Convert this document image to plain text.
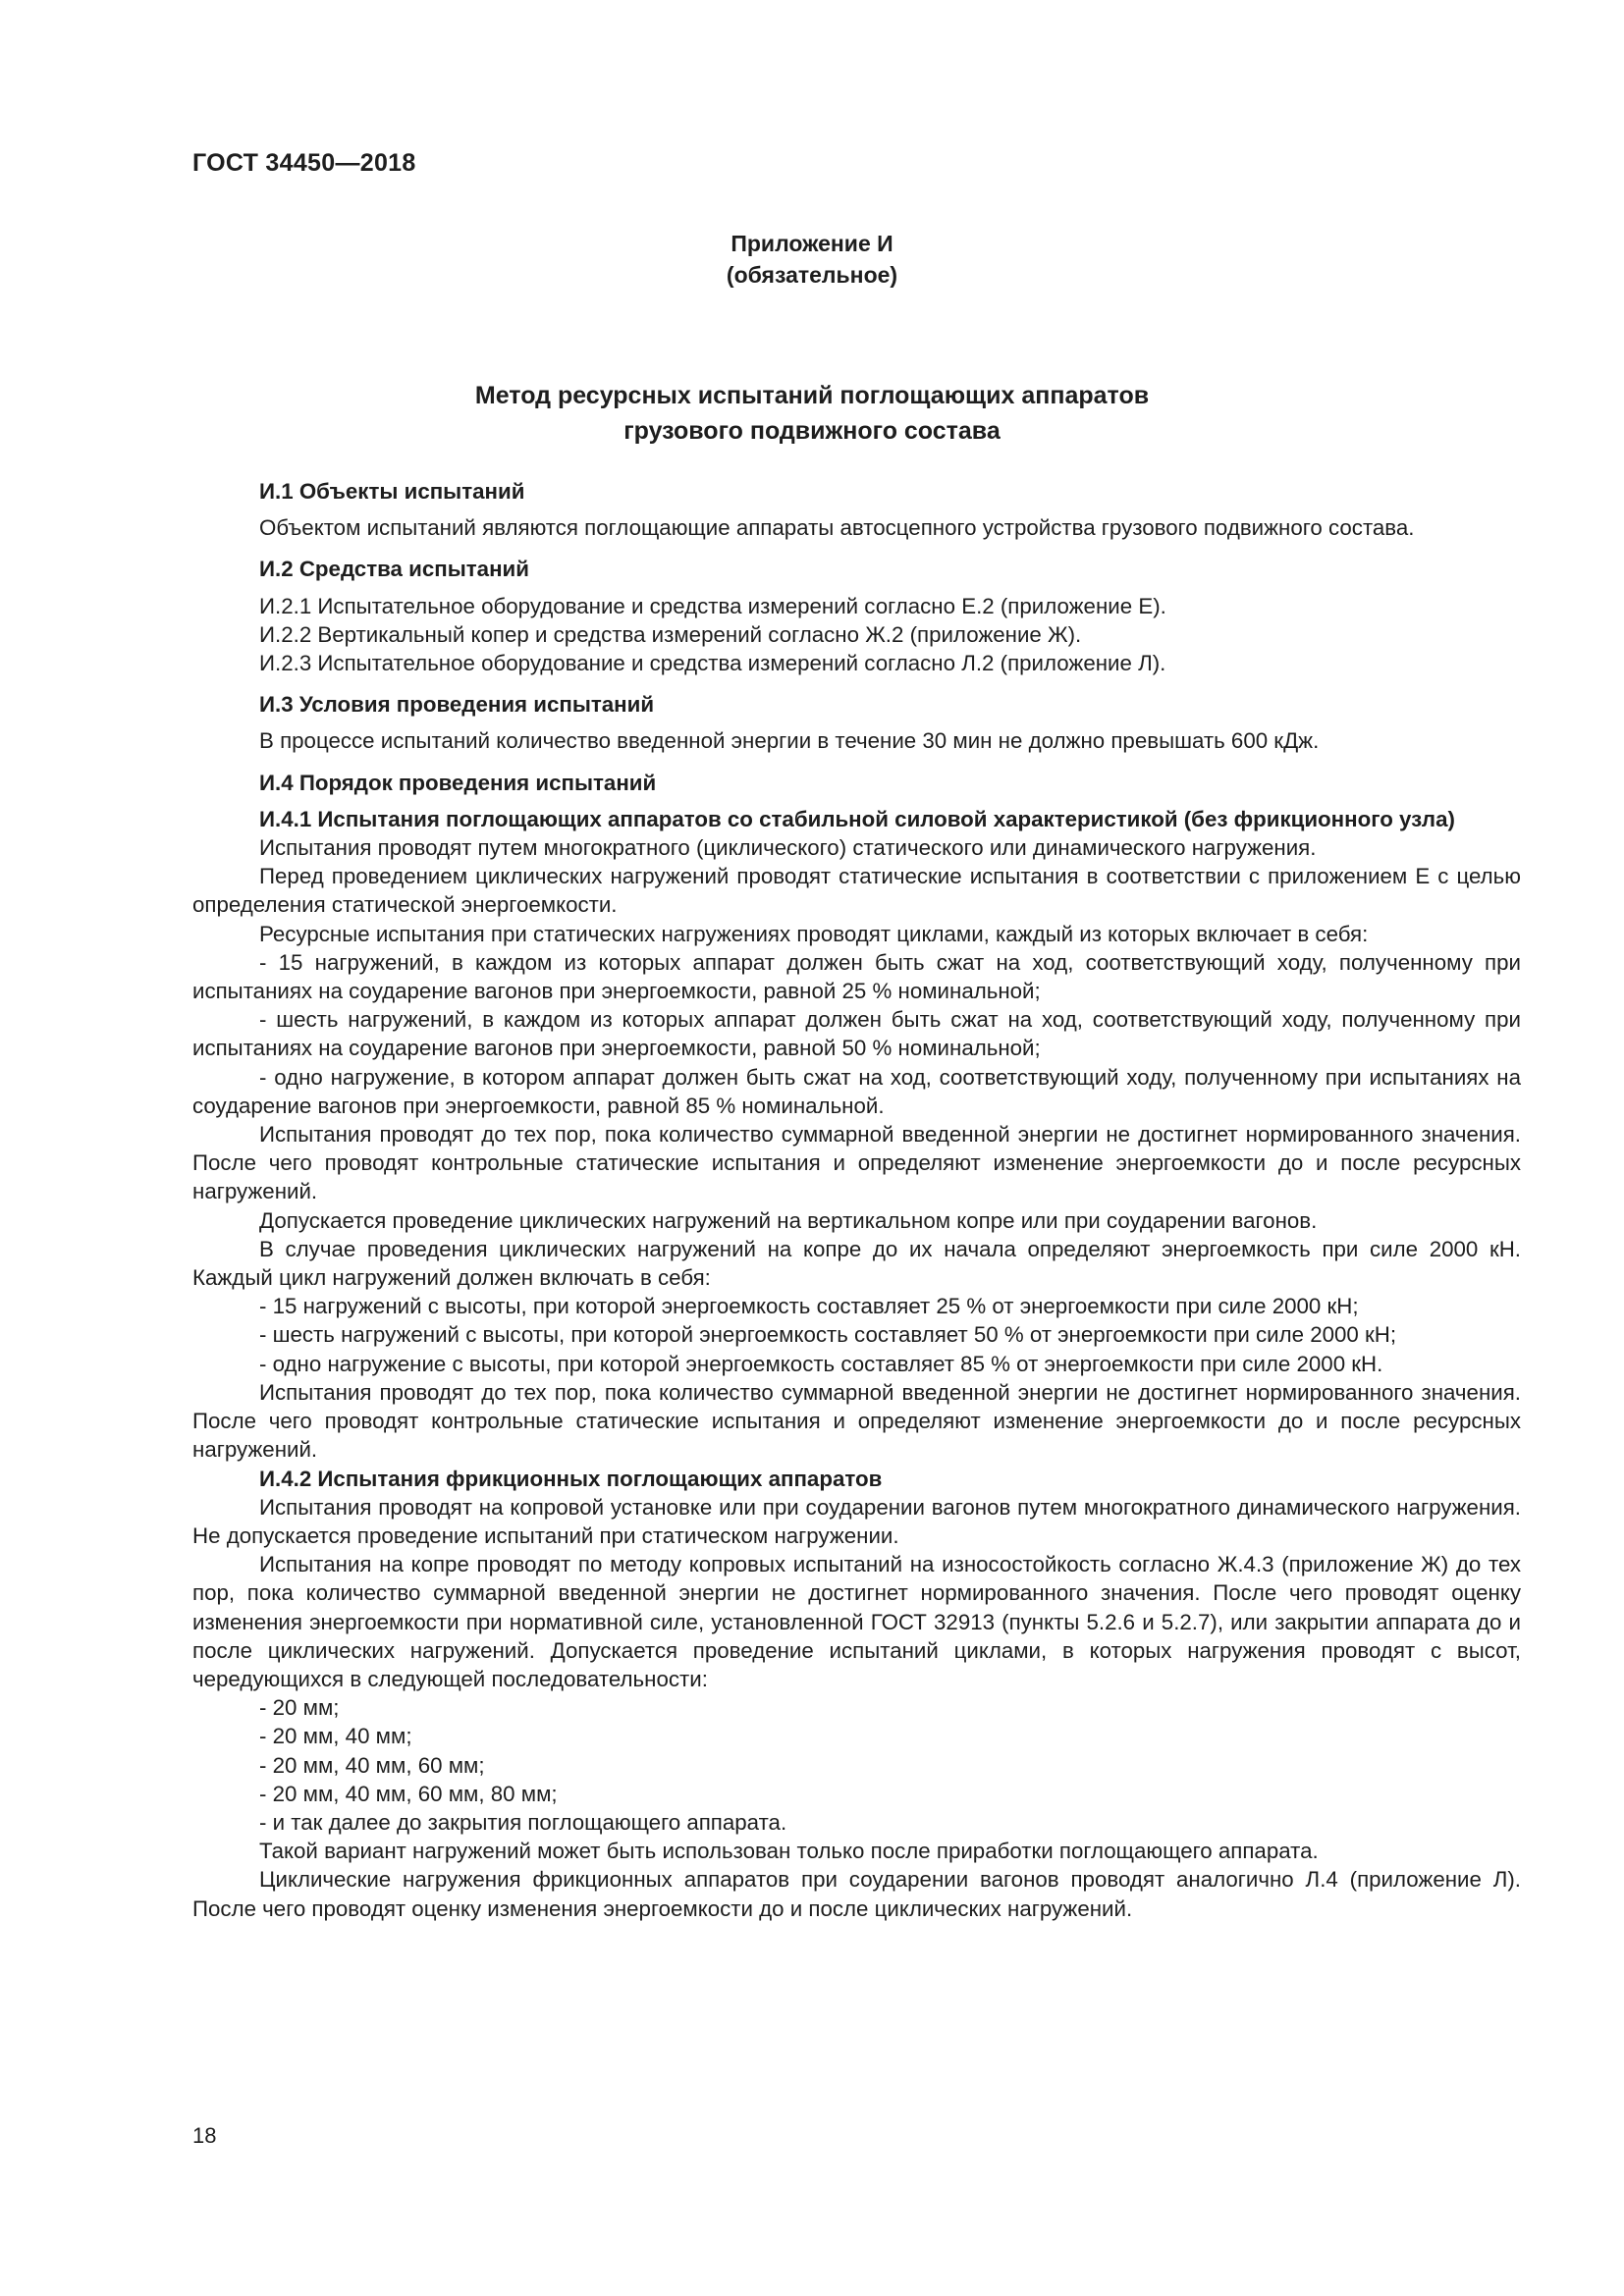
ГОСТ 34450—2018
Приложение И
(обязательное)
Метод ресурсных испытаний поглощающих аппаратов
грузового подвижного состава

И.1 Объекты испытаний

Объектом испытаний являются поглощающие аппараты автосцепного устройства грузового подвижного состава.

И.2 Средства испытаний

И.2.1 Испытательное оборудование и средства измерений согласно Е.2 (приложение Е).

И.2.2 Вертикальный копер и средства измерений согласно Ж.2 (приложение Ж).

И.2.3 Испытательное оборудование и средства измерений согласно Л.2 (приложение Л).

И.3 Условия проведения испытаний

В процессе испытаний количество введенной энергии в течение 30 мин не должно превышать 600 кДж.

И.4 Порядок проведения испытаний

И.4.1 Испытания поглощающих аппаратов со стабильной силовой характеристикой (без фрикционного узла)

Испытания проводят путем многократного (циклического) статического или динамического нагружения.

Перед проведением циклических нагружений проводят статические испытания в соответствии с приложением Е с целью определения статической энергоемкости.

Ресурсные испытания при статических нагружениях проводят циклами, каждый из которых включает в себя:

- 15 нагружений, в каждом из которых аппарат должен быть сжат на ход, соответствующий ходу, полученному при испытаниях на соударение вагонов при энергоемкости, равной 25 % номинальной;

- шесть нагружений, в каждом из которых аппарат должен быть сжат на ход, соответствующий ходу, полученному при испытаниях на соударение вагонов при энергоемкости, равной 50 % номинальной;

- одно нагружение, в котором аппарат должен быть сжат на ход, соответствующий ходу, полученному при испытаниях на соударение вагонов при энергоемкости, равной 85 % номинальной.

Испытания проводят до тех пор, пока количество суммарной введенной энергии не достигнет нормированного значения. После чего проводят контрольные статические испытания и определяют изменение энергоемкости до и после ресурсных нагружений.

Допускается проведение циклических нагружений на вертикальном копре или при соударении вагонов.

В случае проведения циклических нагружений на копре до их начала определяют энергоемкость при силе 2000 кН. Каждый цикл нагружений должен включать в себя:

- 15 нагружений с высоты, при которой энергоемкость составляет 25 % от энергоемкости при силе 2000 кН;

- шесть нагружений с высоты, при которой энергоемкость составляет 50 % от энергоемкости при силе 2000 кН;

- одно нагружение с высоты, при которой энергоемкость составляет 85 % от энергоемкости при силе 2000 кН.

Испытания проводят до тех пор, пока количество суммарной введенной энергии не достигнет нормированного значения. После чего проводят контрольные статические испытания и определяют изменение энергоемкости до и после ресурсных нагружений.

И.4.2 Испытания фрикционных поглощающих аппаратов

Испытания проводят на копровой установке или при соударении вагонов путем многократного динамического нагружения. Не допускается проведение испытаний при статическом нагружении.

Испытания на копре проводят по методу копровых испытаний на износостойкость согласно Ж.4.3 (приложение Ж) до тех пор, пока количество суммарной введенной энергии не достигнет нормированного значения. После чего проводят оценку изменения энергоемкости при нормативной силе, установленной ГОСТ 32913 (пункты 5.2.6 и 5.2.7), или закрытии аппарата до и после циклических нагружений. Допускается проведение испытаний циклами, в которых нагружения проводят с высот, чередующихся в следующей последовательности:

- 20 мм;

- 20 мм, 40 мм;

- 20 мм, 40 мм, 60 мм;

- 20 мм, 40 мм, 60 мм, 80 мм;

- и так далее до закрытия поглощающего аппарата.

Такой вариант нагружений может быть использован только после приработки поглощающего аппарата.

Циклические нагружения фрикционных аппаратов при соударении вагонов проводят аналогично Л.4 (приложение Л). После чего проводят оценку изменения энергоемкости до и после циклических нагружений.

18
